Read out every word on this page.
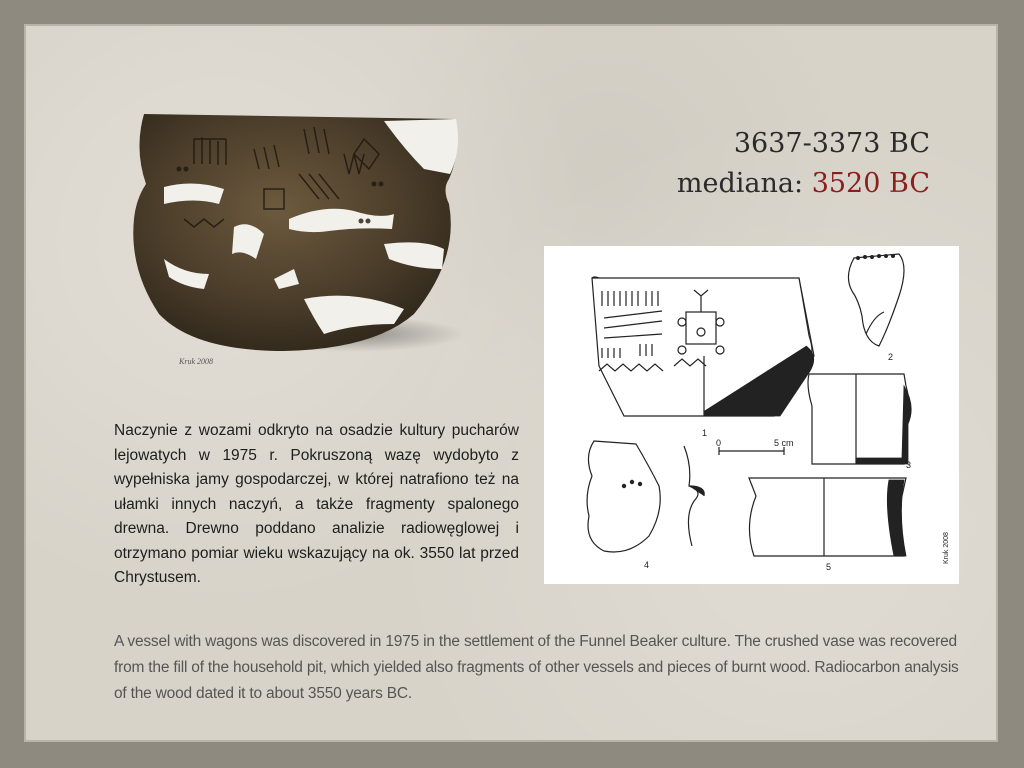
Kruk 2008
3637-3373 BC
mediana: 3520 BC
1
2
3
4	5
0	5 cm
Kruk 2008
Naczynie z wozami odkryto na osadzie kultury pucharów lejowatych w 1975 r. Pokruszoną wazę wydobyto z wypełniska jamy gospodarczej, w której natrafiono też na ułamki innych naczyń, a także fragmenty spalonego drewna. Drewno poddano analizie radiowęglowej i otrzymano pomiar wieku wskazujący na ok. 3550 lat przed Chrystusem.
A vessel with wagons was discovered in 1975 in the settlement of the Funnel Beaker culture. The crushed vase was recovered from the fill of the household pit, which yielded also fragments of other vessels and pieces of burnt wood. Radiocarbon analysis of the wood dated it to about 3550 years BC.
